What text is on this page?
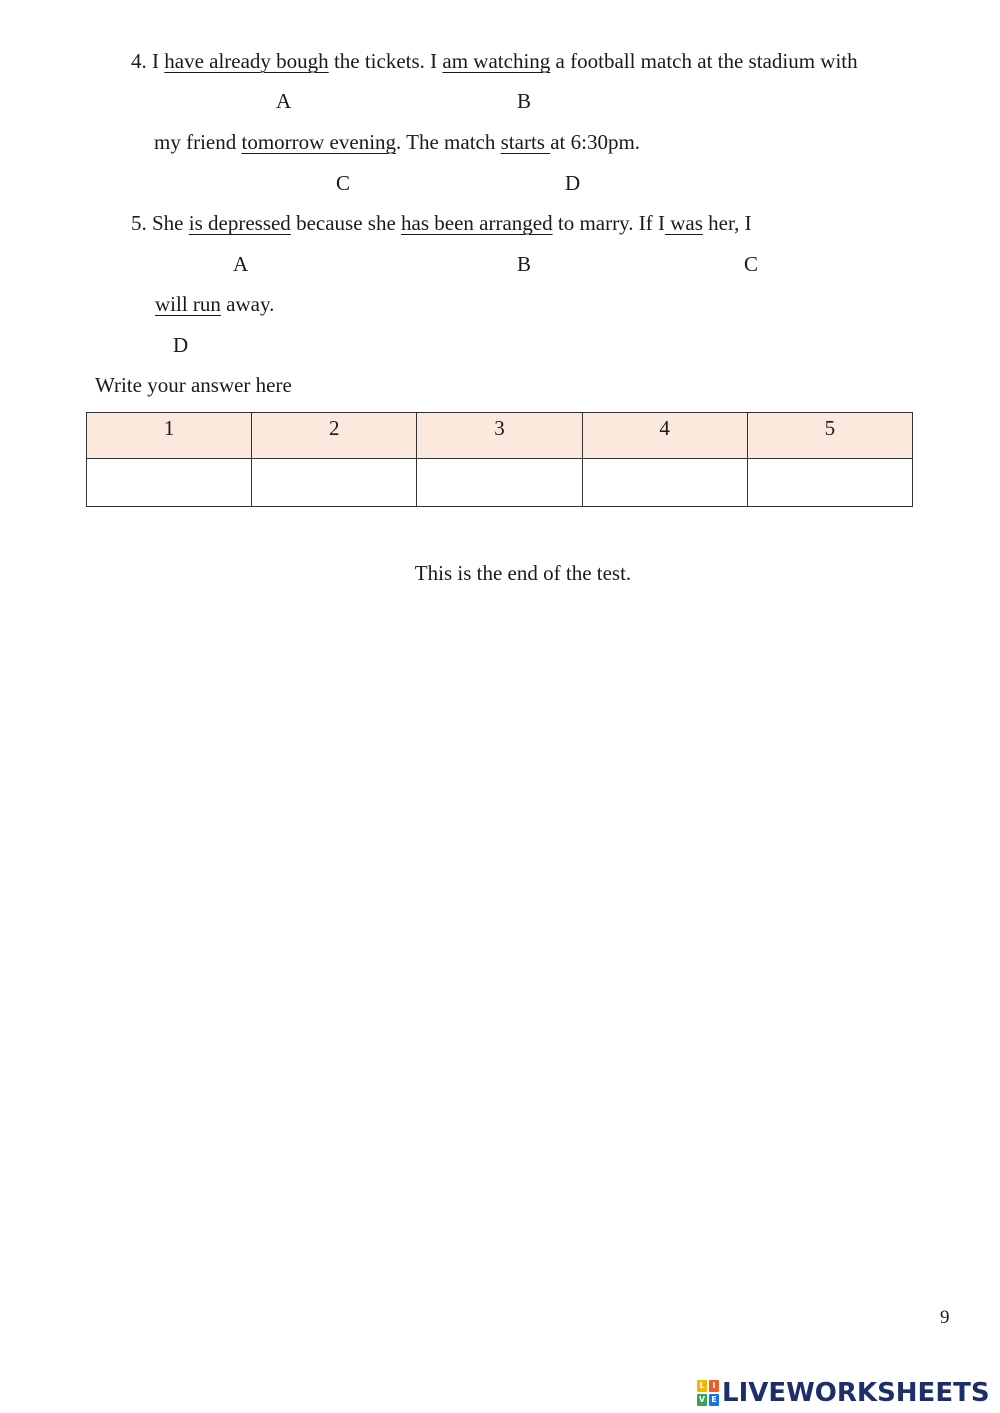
4. I have already bough the tickets. I am watching a football match at the stadium with
A	B
my friend tomorrow evening. The match starts at 6:30pm.
C	D
5. She is depressed because she has been arranged to marry. If I was her, I
A	B	C
will run away.
D
Write your answer here
1	2	3	4	5

This is the end of the test.
9
L I
V E LIVEWORKSHEETS
